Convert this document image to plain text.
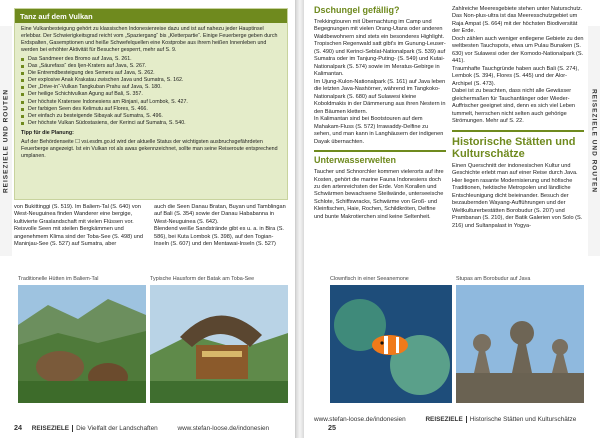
REISEZIELE UND ROUTEN
Tanz auf dem Vulkan

Eine Vulkanbesteigung gehört zu klassischen Indonesienreise dazu und ist auf nahezu jeder Hauptinsel erlebbar. Der Schwierigkeitsgrad reicht vom „Spaziergang“ bis „Kletterpartie“. Einige Feuerberge geben durch Erdspalten, Gasemptionen und heiße Schwefelquellen eine Kostprobe aus ihrem heißen Innenleben und werden bei erhöhter Aktivität für Besucher gesperrt, mehr auf S. 9.

Das Sandmeer des Bromo auf Java, S. 261.
Das „Säurefass“ des Ijen-Kraters auf Java, S. 267.
Die Entremdbesteigung des Semeru auf Java, S. 262.
Der explosive Anak Krakatau zwischen Java und Sumatra, S. 162.
Der „Drive-in“-Vulkan Tangkuban Prahu auf Java, S. 180.
Der heilige Schichtvulkan Agung auf Bali, S. 357.
Der höchste Kratersee Indonesiens am Rinjani, auf Lombok, S. 427.
Der farbigen Seen des Kelimutu auf Flores, S. 466.
Der einfach zu besteigende Sibayak auf Sumatra, S. 496.
Der höchste Vulkan Südostasiens, der Kerinci auf Sumatra, S. 540.

Tipp für die Planung:

Auf der Behördenseite ☐ vsi.esdm.go.id wird der aktuelle Status der wichtigsten ausbruchsgefährdeten Feuerberge angezeigt. Ist ein Vulkan rot als awas gekennzeichnet, sollte man seine Reiseroute entsprechend umplanen.

von Bukittinggi (S. 519). Im Baliem-Tal (S. 640) von West-Neuguinea finden Wanderer eine bergige, kultivierte Graslandschaft mit vielen Flüssen vor.
Reisvolle Seen mit steilen Bergkämmen und angenehmem Klima sind der Toba-See (S. 498) und Maninjau-See (S. 527) auf Sumatra, aber
auch die Seen Danau Bratan, Buyan und Tamblingan auf Bali (S. 354) sowie der Danau Hababanna in West-Neuguinea (S. 642).
Blendend weiße Sandstrände gibt es u. a. in Bira (S. 586), bei Kuta Lombok (S. 398), auf den Togian-Inseln (S. 607) und den Mentawai-Inseln (S. 527)
Traditionelle Hütten im Baliem-Tal	Typische Hausform der Batak am Toba-See
24 REISEZIELE Die Vielfalt der Landschaften	www.stefan-loose.de/indonesien
REISEZIELE UND ROUTEN
Dschungel gefällig?
Trekkingtouren mit Übernachtung im Camp und Begegnungen mit vielen Orang-Utans oder anderen Waldbewohnern sind stets ein besonderes Highlight.
Tropischen Regenwald satt gibt's im Gunung-Leuser- (S. 490) und Kerinci-Seblat-Nationalpark (S. 539) auf Sumatra oder im Tanjung-Puting- (S. 549) und Kutai-Nationalpark (S. 574) sowie im Meratus-Gebirge in Kalimantan.
Im Ujung-Kulon-Nationalpark (S. 161) auf Java leben die letzten Java-Nashörner, während im Tangkoko-Nationalpark (S. 680) auf Sulawesi kleine Koboldmakis in der Dämmerung aus ihren Nestern in den Bäumen klettern.
In Kalimantan sind bei Bootstouren auf dem Mahakam-Fluss (S. 572) Irrawaddy-Delfine zu sehen, und man kann in Langhäusern der indigenen Dayak übernachten.
Unterwasserwelten
Taucher und Schnorchler kommen vielerorts auf ihre Kosten, gehört die marine Fauna Indonesiens doch zu den artenreichsten der Erde. Von Korallen und Schwärmen bewachsene Steilwände, unterseeische Schlote, Schiffswracks, Schwärme von Groß- und Kleinfischen, Haie, Rochen, Schildkröten, Delfine und bunte Makrotierchen sind keine Seltenheit.
Zahlreiche Meeresgebiete stehen unter Naturschutz. Das Non-plus-ultra ist das Meeresschutzgebiet um Raja Ampat (S. 664) mit der höchsten Biodiversität der Erde.
Doch zählen auch weniger entlegene Gebiete zu den weltbesten Tauchspots, etwa um Pulau Bunaken (S. 630) vor Sulawesi oder der Komodo-Nationalpark (S. 441).
Traumhafte Tauchgründe haben auch Bali (S. 274), Lembok (S. 394), Flores (S. 445) und der Alor-Archipel (S. 473).
Dabei ist zu beachten, dass nicht alle Gewässer gleichermaßen für Tauchanfänger oder Wieder-Auffrischer geeignet sind, denn es sich viel Leben tummelt, herrschen nicht selten auch gehörige Strömungen. Mehr auf S. 22.
Historische Stätten und Kulturschätze
Einen Querschnitt der indonesischen Kultur und Geschichte erlebt man auf einer Reise durch Java. Hier liegen rasante Modernisierung und höfische Traditionen, hektische Metropolen und ländliche Entschleunigung dicht beieinander. Besuch der bezaubernden Wayang-Aufführungen und der Weltkulturerbestätten Borobudur (S. 207) und Prambanan (S. 210), der Batik Galerien von Solo (S. 216) und Sultanpalast in Yogya-
Clownfisch in einer Seeanemone	Stupas am Borobudur auf Java
www.stefan-loose.de/indonesien	REISEZIELE Historische Stätten und Kulturschätze 25
